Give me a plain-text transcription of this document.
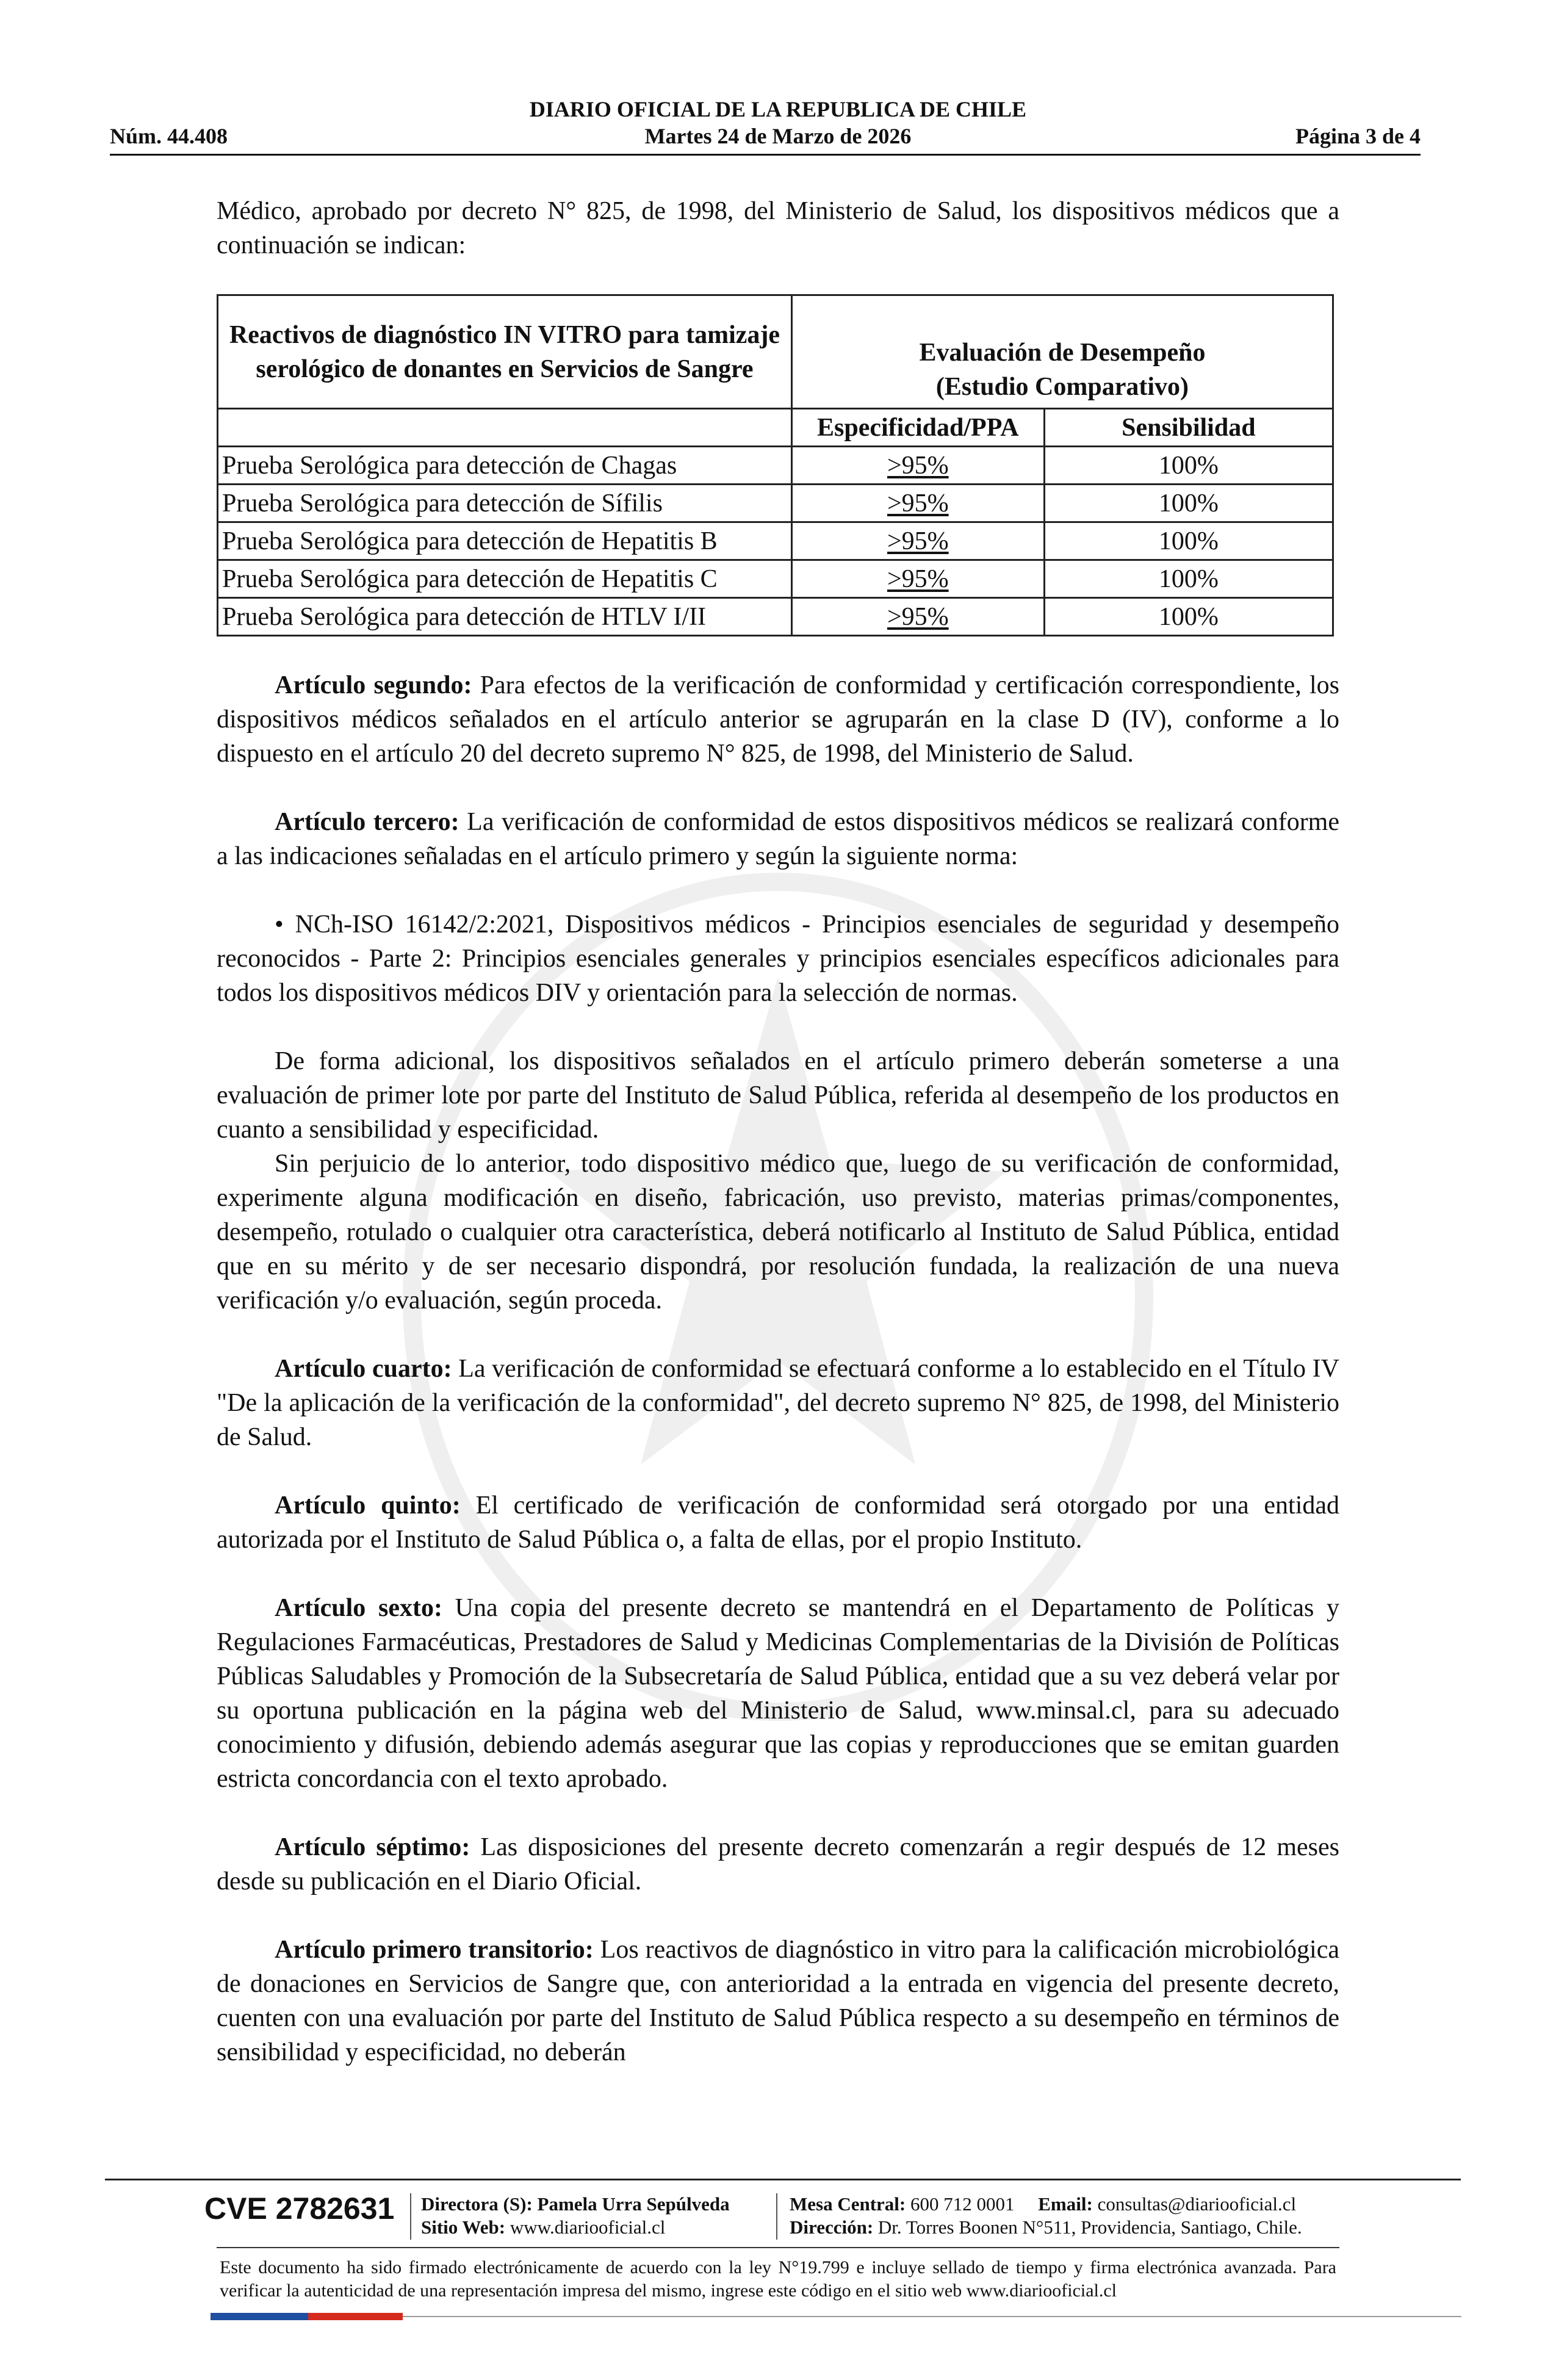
DIARIO OFICIAL DE LA REPUBLICA DE CHILE
Núm. 44.408	Martes 24 de Marzo de 2026	Página 3 de 4

Médico, aprobado por decreto N° 825, de 1998, del Ministerio de Salud, los dispositivos médicos que a continuación se indican:

Reactivos de diagnóstico IN VITRO para tamizaje serológico de donantes en Servicios de Sangre	Evaluación de Desempeño
(Estudio Comparativo)	

	Especificidad/PPA	Sensibilidad
Prueba Serológica para detección de Chagas	>95%	100%
Prueba Serológica para detección de Sífilis	>95%	100%
Prueba Serológica para detección de Hepatitis B	>95%	100%
Prueba Serológica para detección de Hepatitis C	>95%	100%
Prueba Serológica para detección de HTLV I/II	>95%	100%

Artículo segundo: Para efectos de la verificación de conformidad y certificación correspondiente, los dispositivos médicos señalados en el artículo anterior se agruparán en la clase D (IV), conforme a lo dispuesto en el artículo 20 del decreto supremo N° 825, de 1998, del Ministerio de Salud.

Artículo tercero: La verificación de conformidad de estos dispositivos médicos se realizará conforme a las indicaciones señaladas en el artículo primero y según la siguiente norma:

• NCh-ISO 16142/2:2021, Dispositivos médicos - Principios esenciales de seguridad y desempeño reconocidos - Parte 2: Principios esenciales generales y principios esenciales específicos adicionales para todos los dispositivos médicos DIV y orientación para la selección de normas.

De forma adicional, los dispositivos señalados en el artículo primero deberán someterse a una evaluación de primer lote por parte del Instituto de Salud Pública, referida al desempeño de los productos en cuanto a sensibilidad y especificidad.

Sin perjuicio de lo anterior, todo dispositivo médico que, luego de su verificación de conformidad, experimente alguna modificación en diseño, fabricación, uso previsto, materias primas/componentes, desempeño, rotulado o cualquier otra característica, deberá notificarlo al Instituto de Salud Pública, entidad que en su mérito y de ser necesario dispondrá, por resolución fundada, la realización de una nueva verificación y/o evaluación, según proceda.

Artículo cuarto: La verificación de conformidad se efectuará conforme a lo establecido en el Título IV "De la aplicación de la verificación de la conformidad", del decreto supremo N° 825, de 1998, del Ministerio de Salud.

Artículo quinto: El certificado de verificación de conformidad será otorgado por una entidad autorizada por el Instituto de Salud Pública o, a falta de ellas, por el propio Instituto.

Artículo sexto: Una copia del presente decreto se mantendrá en el Departamento de Políticas y Regulaciones Farmacéuticas, Prestadores de Salud y Medicinas Complementarias de la División de Políticas Públicas Saludables y Promoción de la Subsecretaría de Salud Pública, entidad que a su vez deberá velar por su oportuna publicación en la página web del Ministerio de Salud, www.minsal.cl, para su adecuado conocimiento y difusión, debiendo además asegurar que las copias y reproducciones que se emitan guarden estricta concordancia con el texto aprobado.

Artículo séptimo: Las disposiciones del presente decreto comenzarán a regir después de 12 meses desde su publicación en el Diario Oficial.

Artículo primero transitorio: Los reactivos de diagnóstico in vitro para la calificación microbiológica de donaciones en Servicios de Sangre que, con anterioridad a la entrada en vigencia del presente decreto, cuenten con una evaluación por parte del Instituto de Salud Pública respecto a su desempeño en términos de sensibilidad y especificidad, no deberán

CVE 2782631 Directora (S): Pamela Urra Sepúlveda
Sitio Web: www.diariooficial.cl
Mesa Central: 600 712 0001 Email: consultas@diariooficial.cl
Dirección: Dr. Torres Boonen N°511, Providencia, Santiago, Chile.
Este documento ha sido firmado electrónicamente de acuerdo con la ley N°19.799 e incluye sellado de tiempo y firma electrónica avanzada. Para verificar la autenticidad de una representación impresa del mismo, ingrese este código en el sitio web www.diariooficial.cl
